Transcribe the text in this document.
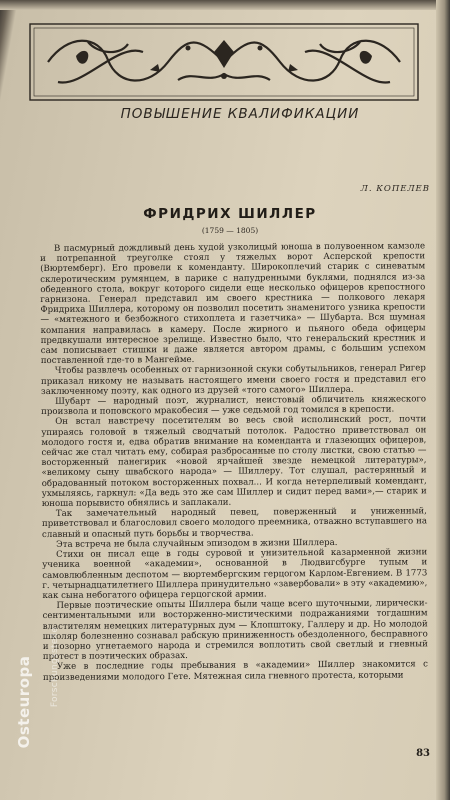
ПОВЫШЕНИЕ КВАЛИФИКАЦИИ
Л. КОПЕЛЕВ
ФРИДРИХ ШИЛЛЕР
(1759 — 1805)

В пасмурный дождливый день худой узколицый юноша в полувоенном камзоле и потрепанной треуголке стоял у тяжелых ворот Асперской крепости (Вюртемберг). Его провели к коменданту. Широкоплечий старик с синеватым склеротическим румянцем, в парике с напудренными буклями, поднялся из-за обеденного стола, вокруг которого сидели еще несколько офицеров крепостного гарнизона. Генерал представил им своего крестника — полкового лекаря Фридриха Шиллера, которому он позволил посетить знаменитого узника крепости — «мятежного и безбожного стихоплета и газетчика» — Шубарта. Вся шумная компания направилась в камеру. После жирного и пьяного обеда офицеры предвкушали интересное зрелище. Известно было, что генеральский крестник и сам пописывает стишки и даже является автором драмы, с большим успехом поставленной где-то в Мангейме.

Чтобы развлечь особенных от гарнизонной скуки собутыльников, генерал Ригер приказал никому не называть настоящего имени своего гостя и представил его заключенному поэту, как одного из друзей «того самого» Шиллера.

Шубарт — народный поэт, журналист, неистовый обличитель княжеского произвола и поповского мракобесия — уже седьмой год томился в крепости.

Он встал навстречу посетителям во весь свой исполинский рост, почти упираясь головой в тяжелый сводчатый потолок. Радостно приветствовал он молодого гостя и, едва обратив внимание на коменданта и глазеющих офицеров, сейчас же стал читать ему, собирая разбросанные по столу листки, свою статью — восторженный панегирик «новой ярчайшей звезде немецкой литературы», «великому сыну швабского народа» — Шиллеру. Тот слушал, растерянный и обрадованный потоком восторженных похвал... И когда нетерпеливый комендант, ухмыляясь, гаркнул: «Да ведь это же сам Шиллер и сидит перед вами»,— старик и юноша порывисто обнялись и заплакали.

Так замечательный народный певец, поверженный и униженный, приветствовал и благословил своего молодого преемника, отважно вступавшего на славный и опасный путь борьбы и творчества.

Эта встреча не была случайным эпизодом в жизни Шиллера.

Стихи он писал еще в годы суровой и унизительной казарменной жизни ученика военной «академии», основанной в Людвигсбурге тупым и самовлюбленным деспотом — вюртембергским герцогом Карлом-Евгением. В 1773 г. четырнадцатилетнего Шиллера принудительно «завербовали» в эту «академию», как сына небогатого офицера герцогской армии.

Первые поэтические опыты Шиллера были чаще всего шуточными, лирически-сентиментальными или восторженно-мистическими подражаниями тогдашним властителям немецких литературных дум — Клопштоку, Галлеру и др. Но молодой школяр болезненно сознавал рабскую приниженность обездоленного, бесправного и позорно угнетаемого народа и стремился воплотить свой светлый и гневный протест в поэтических образах.

Уже в последние годы пребывания в «академии» Шиллер знакомится с произведениями молодого Гете. Мятежная сила гневного протеста, которыми

83
Osteuropa	Forschungsstelle
